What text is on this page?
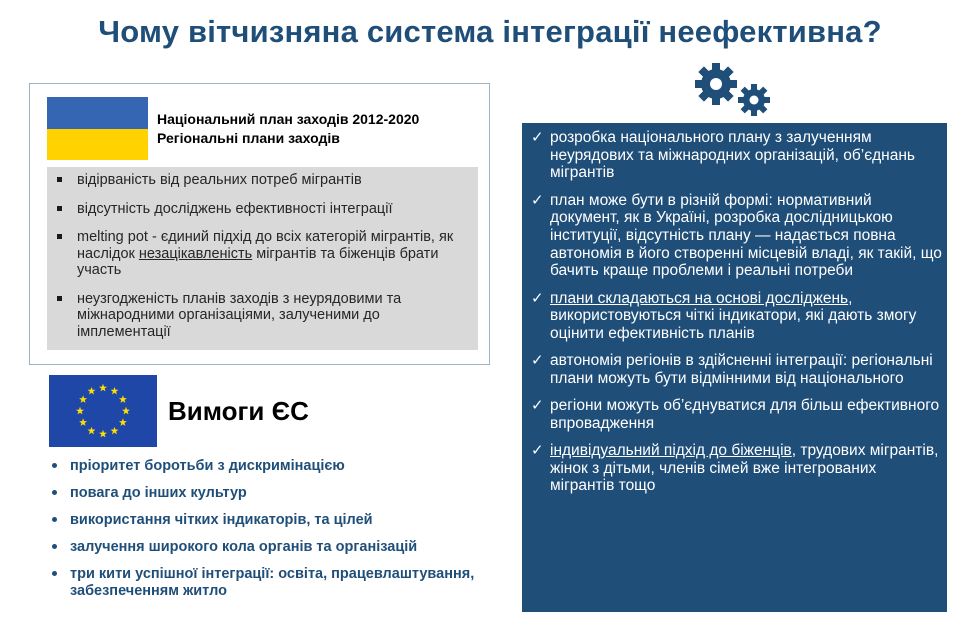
Чому вітчизняна система інтеграції неефективна?
Національний план заходів 2012-2020
Регіональні плани заходів
відірваність від реальних потреб мігрантів
відсутність досліджень ефективності інтеграції
melting pot - єдиний підхід до всіх категорій мігрантів, як наслідок незацікавленість мігрантів та біженців брати участь
неузгодженість планів заходів з неурядовими та міжнародними організаціями, залученими до імплементації
Вимоги ЄС
пріоритет боротьби з дискримінацією
повага до інших культур
використання чітких індикаторів, та цілей
залучення широкого кола органів та організацій
три кити успішної інтеграції: освіта, працевлаштування, забезпеченням житло
✓ розробка національного плану з залученням неурядових та міжнародних організацій, об’єднань мігрантів
✓ план може бути в різній формі: нормативний документ, як в Україні, розробка дослідницькою інституції, відсутність плану — надається повна автономія в його створенні місцевій владі, як такій, що бачить краще проблеми і реальні потреби
✓ плани складаються на основі досліджень, використовуються чіткі індикатори, які дають змогу оцінити ефективність планів
✓ автономія регіонів в здійсненні інтеграції: регіональні плани можуть бути відмінними від національного
✓ регіони можуть об’єднуватися для більш ефективного впровадження
✓ індивідуальний підхід до біженців, трудових мігрантів, жінок з дітьми, членів сімей вже інтегрованих мігрантів тощо
